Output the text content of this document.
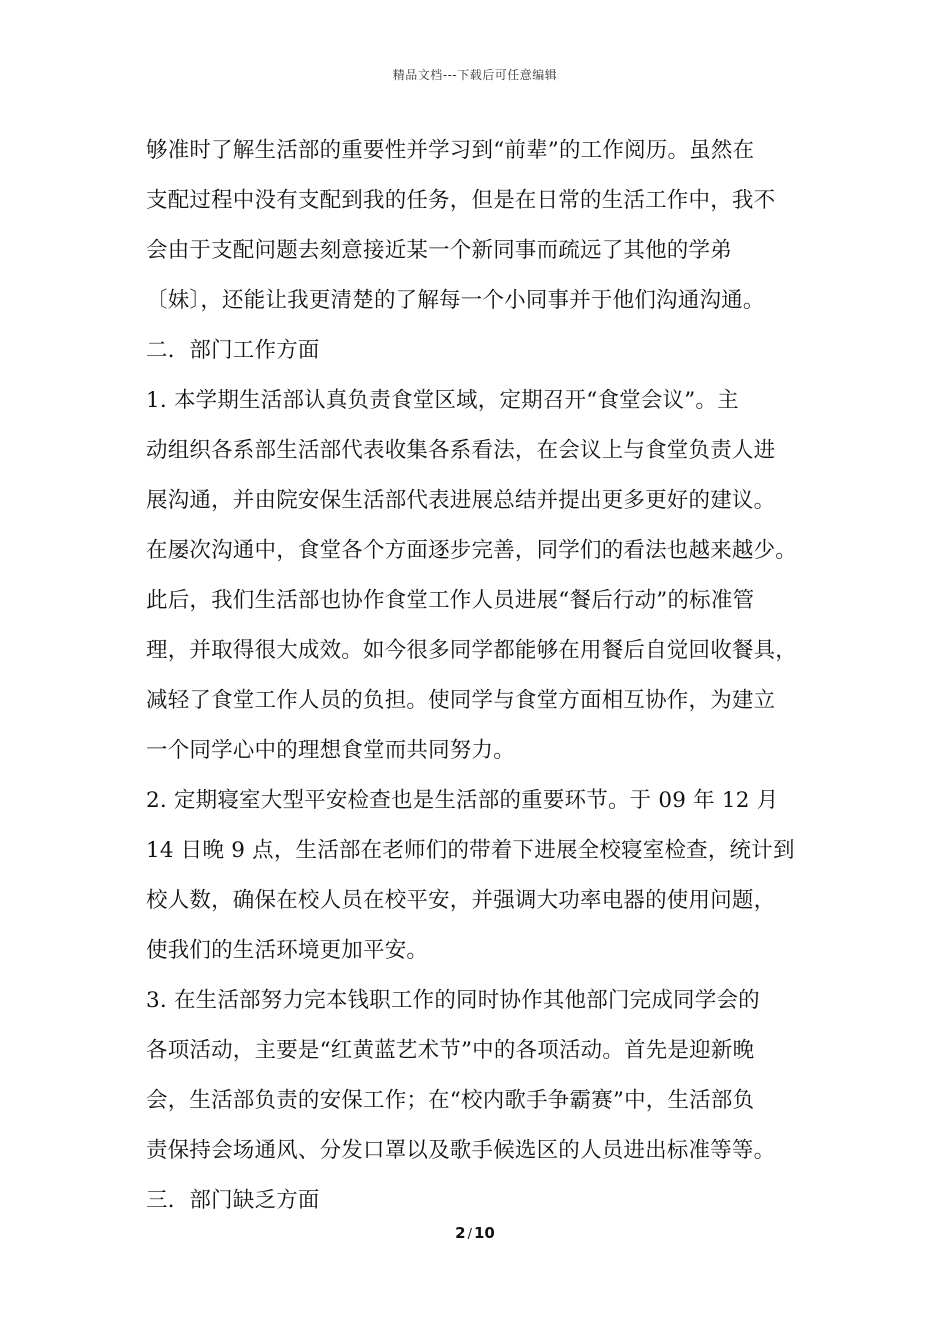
精品文档---下载后可任意编辑
够准时了解生活部的重要性并学习到“前辈”的工作阅历。虽然在
支配过程中没有支配到我的任务，但是在日常的生活工作中，我不
会由于支配问题去刻意接近某一个新同事而疏远了其他的学弟
〔妹〕，还能让我更清楚的了解每一个小同事并于他们沟通沟通。
二．部门工作方面
1. 本学期生活部认真负责食堂区域，定期召开“食堂会议”。主
动组织各系部生活部代表收集各系看法，在会议上与食堂负责人进
展沟通，并由院安保生活部代表进展总结并提出更多更好的建议。
在屡次沟通中，食堂各个方面逐步完善，同学们的看法也越来越少。
此后，我们生活部也协作食堂工作人员进展“餐后行动”的标准管
理，并取得很大成效。如今很多同学都能够在用餐后自觉回收餐具，
减轻了食堂工作人员的负担。使同学与食堂方面相互协作，为建立
一个同学心中的理想食堂而共同努力。
2. 定期寝室大型平安检查也是生活部的重要环节。于 09 年 12 月
14 日晚 9 点，生活部在老师们的带着下进展全校寝室检查，统计到
校人数，确保在校人员在校平安，并强调大功率电器的使用问题，
使我们的生活环境更加平安。
3. 在生活部努力完本钱职工作的同时协作其他部门完成同学会的
各项活动，主要是“红黄蓝艺术节”中的各项活动。首先是迎新晚
会，生活部负责的安保工作；在“校内歌手争霸赛”中，生活部负
责保持会场通风、分发口罩以及歌手候选区的人员进出标准等等。
三．部门缺乏方面
2 / 10
